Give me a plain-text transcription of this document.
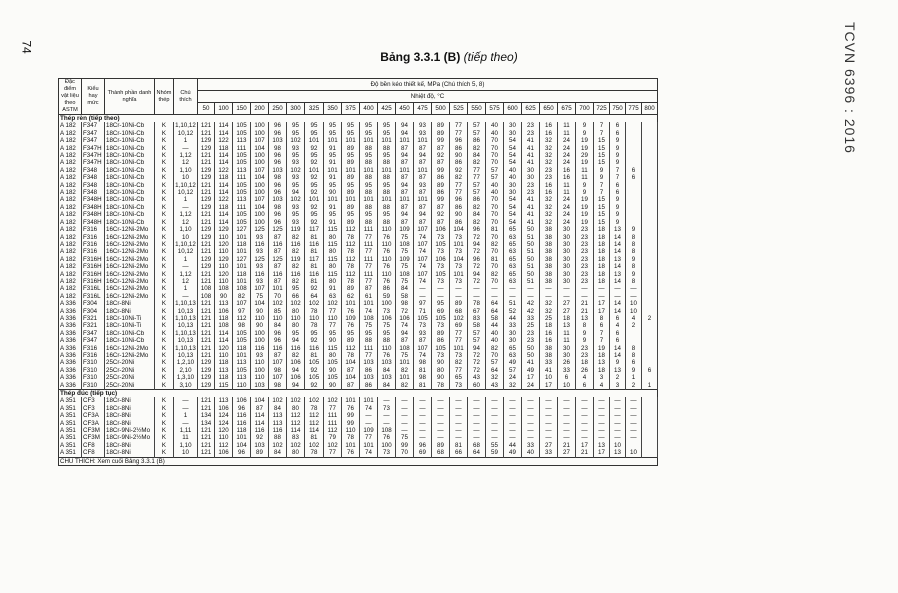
74	TCVN 6396 : 2016
Bảng 3.3.1 (B) (tiếp theo)
Đặc điểm vật liệu theo ASTM	Kiểu hay mức	Thành phần danh nghĩa	Nhóm thép	Chú thích	Độ bền kéo thiết kế, MPa (Chú thích 5, 8)																									
					Nhiệt độ, °C																									
					50	100	150	200	250	300	325	350	375	400	425	450	475	500	525	550	575	600	625	650	675	700	725	750	775	800
Thép rèn (tiếp theo)																														
A 182	F347	18Cr-10Ni-Cb	K	1,10,12	121	114	105	100	96	95	95	95	95	95	95	94	93	89	77	57	40	30	23	16	11	9	7	6		
A 182	F347	18Cr-10Ni-Cb	K	10,12	121	114	105	100	96	95	95	95	95	95	95	94	93	89	77	57	40	30	23	16	11	9	7	6		
A 182	F347	18Cr-10Ni-Cb	K	1	129	122	113	107	103	102	101	101	101	101	101	101	101	99	96	86	70	54	41	32	24	19	15	9		
A 182	F347H	18Cr-10Ni-Cb	K	—	129	118	111	104	98	93	92	91	89	88	88	87	87	87	86	82	70	54	41	32	24	19	15	9		
A 182	F347H	18Cr-10Ni-Cb	K	1,12	121	114	105	100	96	95	95	95	95	95	95	94	94	92	90	84	70	54	41	32	24	29	15	9		
A 182	F347H	18Cr-10Ni-Cb	K	12	121	114	105	100	96	93	92	91	89	88	88	87	87	87	86	82	70	54	41	32	24	19	15	9		
A 182	F348	18Cr-10Ni-Cb	K	1,10	129	122	113	107	103	102	101	101	101	101	101	101	101	99	92	77	57	40	30	23	16	11	9	7	6	
A 182	F348	18Cr-10Ni-Cb	K	10	129	118	111	104	98	93	92	91	89	88	88	87	87	86	82	77	57	40	30	23	16	11	9	7	6	
A 182	F348	18Cr-10Ni-Cb	K	1,10,12	121	114	105	100	96	95	95	95	95	95	95	94	93	89	77	57	40	30	23	16	11	9	7	6		
A 182	F348	18Cr-10Ni-Cb	K	10,12	121	114	105	100	96	94	92	90	89	88	88	87	87	86	77	57	40	30	23	16	11	9	7	6		
A 182	F348H	18Cr-10Ni-Cb	K	1	129	122	113	107	103	102	101	101	101	101	101	101	101	99	96	86	70	54	41	32	24	19	15	9		
A 182	F348H	18Cr-10Ni-Cb	K	—	129	118	111	104	98	93	92	91	89	88	88	87	87	87	86	82	70	54	41	32	24	19	15	9		
A 182	F348H	18Cr-10Ni-Cb	K	1,12	121	114	105	100	96	95	95	95	95	95	95	94	94	92	90	84	70	54	41	32	24	19	15	9		
A 182	F348H	18Cr-10Ni-Cb	K	12	121	114	105	100	96	93	92	91	89	88	88	87	87	87	86	82	70	54	41	32	24	19	15	9		
A 182	F316	16Cr-12Ni-2Mo	K	1,10	129	129	127	125	125	119	117	115	112	111	110	109	107	106	104	96	81	65	50	38	30	23	18	13	9	
A 182	F316	16Cr-12Ni-2Mo	K	10	129	110	101	93	87	82	81	80	78	77	76	75	74	73	73	72	70	63	51	38	30	23	18	14	8	
A 182	F316	16Cr-12Ni-2Mo	K	1,10,12	121	120	118	116	116	116	116	115	112	111	110	108	107	105	101	94	82	65	50	38	30	23	18	14	8	
A 182	F316	16Cr-12Ni-2Mo	K	10,12	121	110	101	93	87	82	81	80	78	77	76	75	74	73	73	72	70	63	51	38	30	23	18	14	8	
A 182	F316H	16Cr-12Ni-2Mo	K	1	129	129	127	125	125	119	117	115	112	111	110	109	107	106	104	96	81	65	50	38	30	23	18	13	9	
A 182	F316H	16Cr-12Ni-2Mo	K	—	129	110	101	93	87	82	81	80	78	77	76	75	74	73	73	72	70	63	51	38	30	23	18	14	8	
A 182	F316H	16Cr-12Ni-2Mo	K	1,12	121	120	118	116	116	116	116	115	112	111	110	108	107	105	101	94	82	65	50	38	30	23	18	13	9	
A 182	F316H	16Cr-12Ni-2Mo	K	12	121	110	101	93	87	82	81	80	78	77	76	75	74	73	73	72	70	63	51	38	30	23	18	14	8	
A 182	F316L	16Cr-12Ni-2Mo	K	1	108	108	108	107	101	95	92	91	89	87	86	84	—	—	—	—	—	—	—	—	—	—	—	—	—	
A 182	F316L	16Cr-12Ni-2Mo	K	—	108	90	82	75	70	66	64	63	62	61	59	58	—	—	—	—	—	—	—	—	—	—	—	—	—	
A 336	F304	18Cr-8Ni	K	1,10,13	121	113	107	104	102	102	102	102	101	101	100	98	97	95	89	78	64	51	42	32	27	21	17	14	10	
A 336	F304	18Cr-8Ni	K	10,13	121	106	97	90	85	80	78	77	76	74	73	72	71	69	68	67	64	52	42	32	27	21	17	14	10	
A 336	F321	18Cr-10Ni-Ti	K	1,10,13	121	118	112	110	110	110	110	110	109	108	106	106	105	105	102	83	58	44	33	25	18	13	8	6	4	2
A 336	F321	18Cr-10Ni-Ti	K	10,13	121	108	98	90	84	80	78	77	76	75	75	74	73	73	69	58	44	33	25	18	13	8	6	4	2	
A 336	F347	18Cr-10Ni-Cb	K	1,10,13	121	114	105	100	96	95	95	95	95	95	95	94	93	89	77	57	40	30	23	16	11	9	7	6		
A 336	F347	18Cr-10Ni-Cb	K	10,13	121	114	105	100	96	94	92	90	89	88	88	87	87	86	77	57	40	30	23	16	11	9	7	6		
A 336	F316	16Cr-12Ni-2Mo	K	1,10,13	121	120	118	116	116	116	116	115	112	111	110	108	107	105	101	94	82	65	50	38	30	23	19	14	8	
A 336	F316	16Cr-12Ni-2Mo	K	10,13	121	110	101	93	87	82	81	80	78	77	76	75	74	73	73	72	70	63	50	38	30	23	18	14	8	
A 336	F310	25Cr-20Ni	K	1,2,10	129	118	113	110	107	106	105	105	104	103	103	101	98	90	82	72	57	49	41	33	26	18	13	9	6	
A 336	F310	25Cr-20Ni	K	2,10	129	113	105	100	98	94	92	90	87	86	84	82	81	80	77	72	64	57	49	41	33	26	18	13	9	6
A 336	F310	25Cr-20Ni	K	1,3,10	129	118	113	110	107	106	105	105	104	103	103	101	98	90	65	43	32	24	17	10	6	4	3	2	1	
A 336	F310	25Cr-20Ni	K	3,10	129	115	110	103	98	94	92	90	87	86	84	82	81	78	73	60	43	32	24	17	10	6	4	3	2	1
Thép đúc (tiếp tục)																														
A 351	CF3	18Cr-8Ni	K	—	121	113	106	104	102	102	102	102	101	101	—	—	—	—	—	—	—	—	—	—	—	—	—	—	—	
A 351	CF3	18Cr-8Ni	K	—	121	106	96	87	84	80	78	77	76	74	73	—	—	—	—	—	—	—	—	—	—	—	—	—	—	
A 351	CF3A	18Cr-8Ni	K	1	134	124	116	114	113	112	112	111	99	—	—	—	—	—	—	—	—	—	—	—	—	—	—	—	—	
A 351	CF3A	18Cr-8Ni	K	—	134	124	116	114	113	112	112	111	99	—	—	—	—	—	—	—	—	—	—	—	—	—	—	—	—	
A 351	CF3M	18Cr-9Ni-2½Mo	K	1,11	121	120	118	116	116	114	114	112	110	109	108	—	—	—	—	—	—	—	—	—	—	—	—	—	—	
A 351	CF3M	18Cr-9Ni-2½Mo	K	11	121	110	101	92	88	83	81	79	78	77	76	75	—	—	—	—	—	—	—	—	—	—	—	—	—	
A 351	CF8	18Cr-8Ni	K	1,10	121	112	104	103	102	102	102	102	101	101	100	99	96	89	81	68	55	44	33	27	21	17	13	10		
A 351	CF8	18Cr-8Ni	K	10	121	106	96	89	84	80	78	77	76	74	73	70	69	68	66	64	59	49	40	33	27	21	17	13	10	
CHÚ THÍCH: Xem cuối Bảng 3.3.1 (B)																														
